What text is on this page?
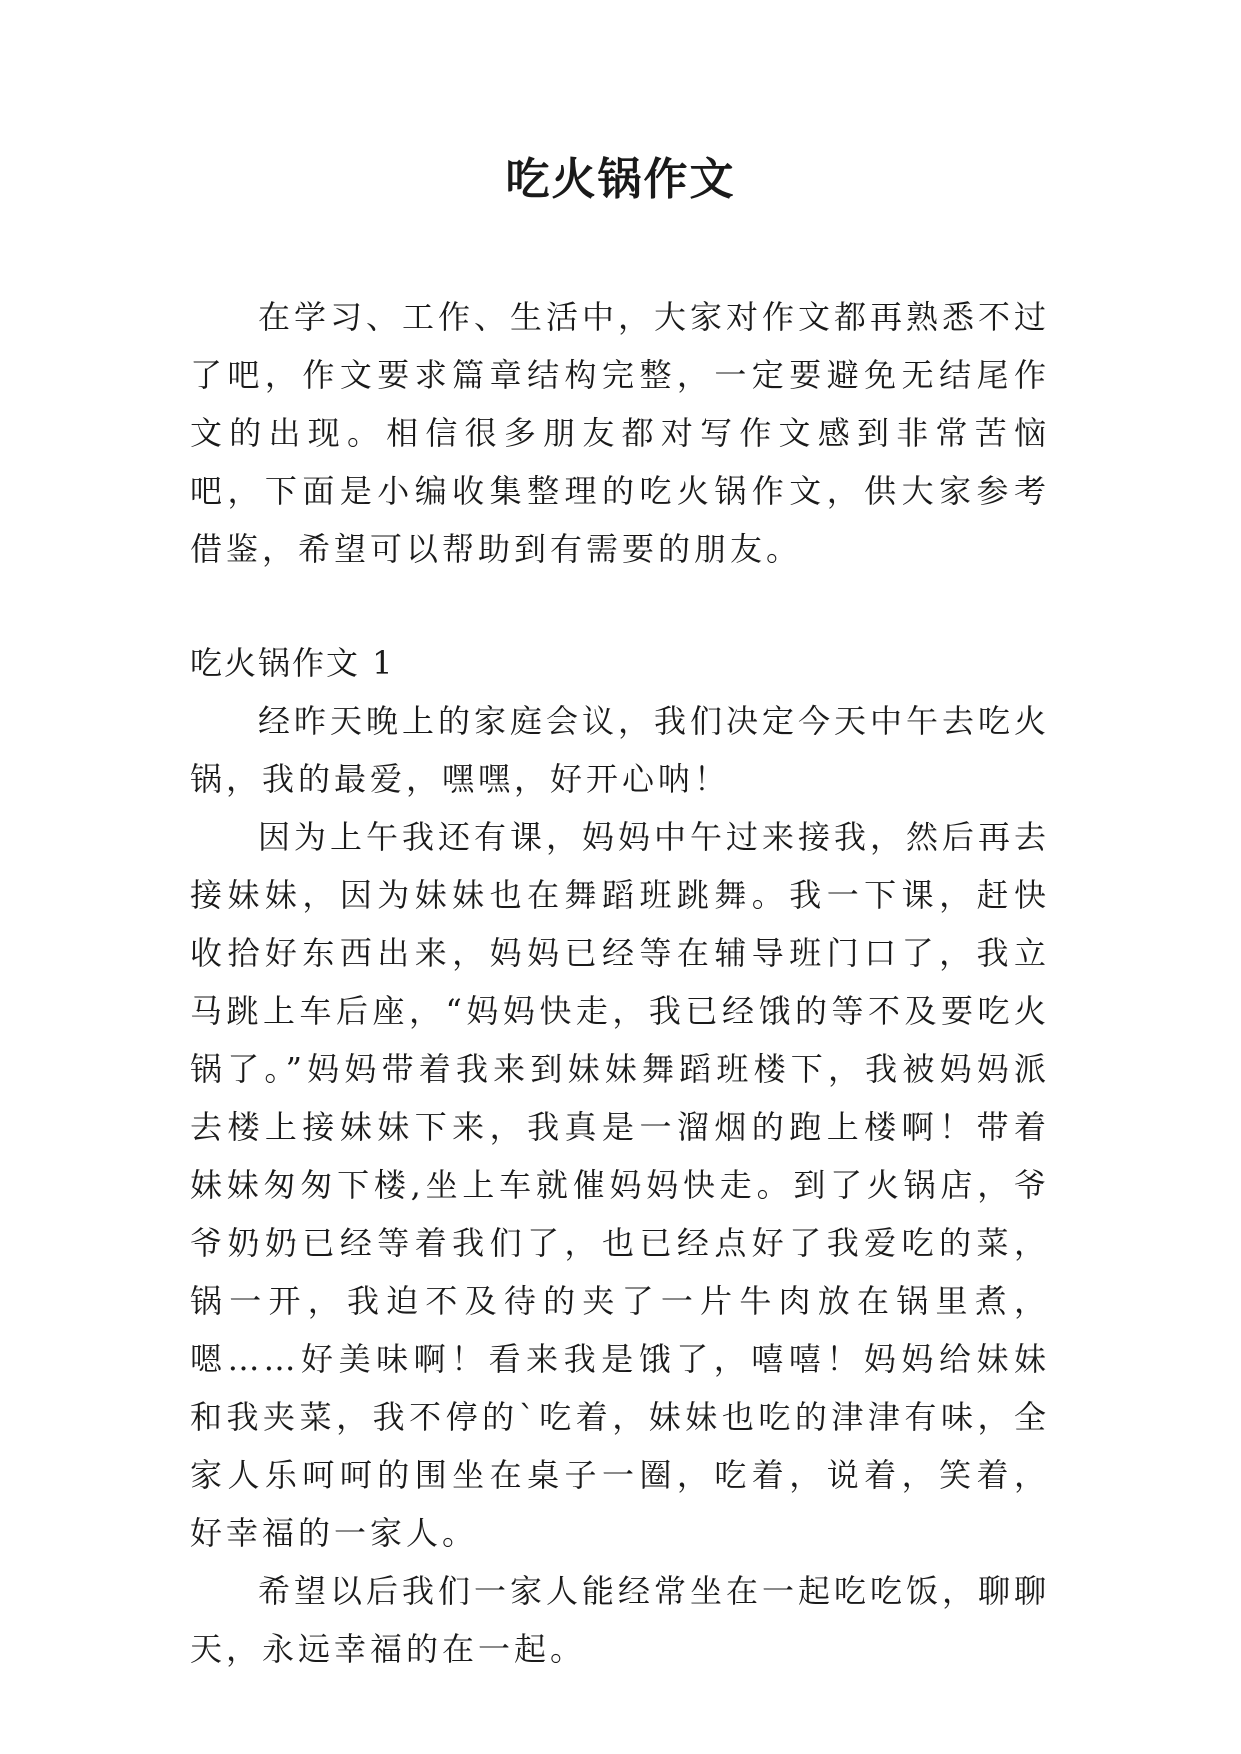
吃火锅作文

在学习、工作、生活中，大家对作文都再熟悉不过了吧，作文要求篇章结构完整，一定要避免无结尾作文的出现。相信很多朋友都对写作文感到非常苦恼吧，下面是小编收集整理的吃火锅作文，供大家参考借鉴，希望可以帮助到有需要的朋友。

吃火锅作文 1

经昨天晚上的家庭会议，我们决定今天中午去吃火锅，我的最爱，嘿嘿，好开心呐！

因为上午我还有课，妈妈中午过来接我，然后再去接妹妹，因为妹妹也在舞蹈班跳舞。我一下课，赶快收拾好东西出来，妈妈已经等在辅导班门口了，我立马跳上车后座，“妈妈快走，我已经饿的等不及要吃火锅了。”妈妈带着我来到妹妹舞蹈班楼下，我被妈妈派去楼上接妹妹下来，我真是一溜烟的跑上楼啊！带着妹妹匆匆下楼,坐上车就催妈妈快走。到了火锅店，爷爷奶奶已经等着我们了，也已经点好了我爱吃的菜，锅一开，我迫不及待的夹了一片牛肉放在锅里煮，嗯……好美味啊！看来我是饿了，嘻嘻！妈妈给妹妹和我夹菜，我不停的`吃着，妹妹也吃的津津有味，全家人乐呵呵的围坐在桌子一圈，吃着，说着，笑着，好幸福的一家人。

希望以后我们一家人能经常坐在一起吃吃饭，聊聊天，永远幸福的在一起。
